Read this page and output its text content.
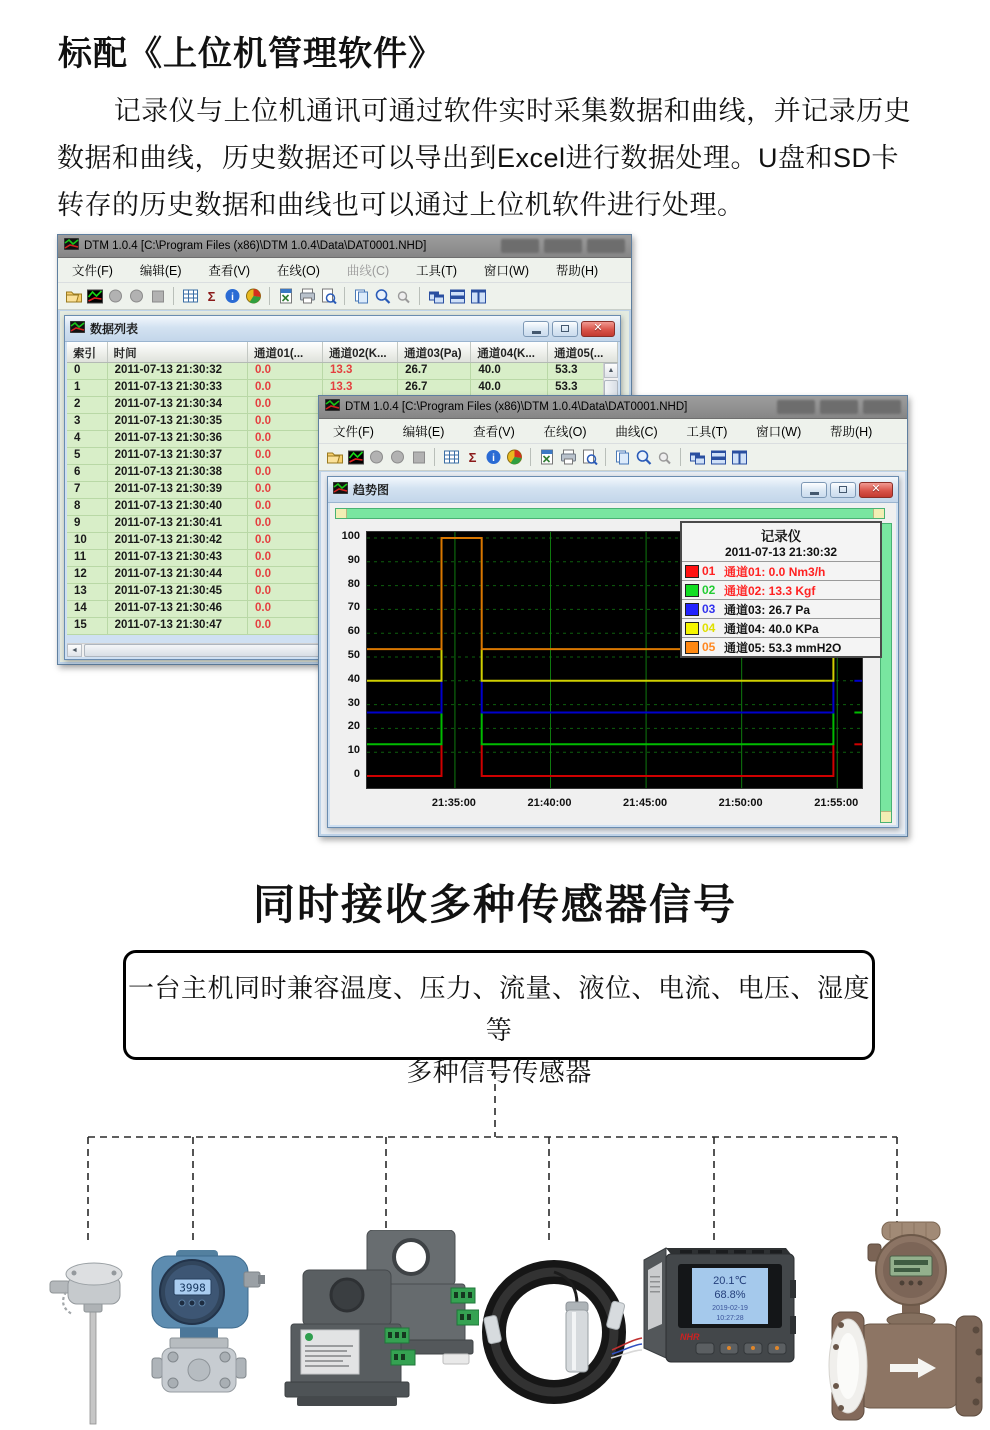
标配《上位机管理软件》
记录仪与上位机通讯可通过软件实时采集数据和曲线，并记录历史数据和曲线，历史数据还可以导出到Excel进行数据处理。U盘和SD卡转存的历史数据和曲线也可以通过上位机软件进行处理。
DTM 1.0.4 [C:\Program Files (x86)\DTM 1.0.4\Data\DAT0001.NHD]
文件(F)	编辑(E)	查看(V)	在线(O)	曲线(C)	工具(T)	窗口(W)	帮助(H)
Σ i
数据列表	✕
索引	时间	通道01(...	通道02(K...	通道03(Pa)	通道04(K...	通道05(...
0	2011-07-13 21:30:32	0.0	13.3	26.7	40.0	53.3
1	2011-07-13 21:30:33	0.0	13.3	26.7	40.0	53.3
2	2011-07-13 21:30:34	0.0
3	2011-07-13 21:30:35	0.0
4	2011-07-13 21:30:36	0.0
5	2011-07-13 21:30:37	0.0
6	2011-07-13 21:30:38	0.0
7	2011-07-13 21:30:39	0.0
8	2011-07-13 21:30:40	0.0
9	2011-07-13 21:30:41	0.0
10	2011-07-13 21:30:42	0.0
11	2011-07-13 21:30:43	0.0
12	2011-07-13 21:30:44	0.0
13	2011-07-13 21:30:45	0.0
14	2011-07-13 21:30:46	0.0
15	2011-07-13 21:30:47	0.0
▲
◄
DTM 1.0.4 [C:\Program Files (x86)\DTM 1.0.4\Data\DAT0001.NHD]
文件(F)	编辑(E)	查看(V)	在线(O)	曲线(C)	工具(T)	窗口(W)	帮助(H)
Σ i
趋势图	✕
0
10
20
30
40
50
60
70
80
90
100
21:35:00	21:40:00	21:45:00	21:50:00	21:55:00
记录仪
2011-07-13 21:30:32
01 通道01: 0.0 Nm3/h
02 通道02: 13.3 Kgf
03 通道03: 26.7 Pa
04 通道04: 40.0 KPa
05 通道05: 53.3 mmH2O
同时接收多种传感器信号
一台主机同时兼容温度、压力、流量、液位、电流、电压、湿度等
多种信号传感器
3998
20.1℃
68.8%
2019-02-19
10:27:28
NHR
